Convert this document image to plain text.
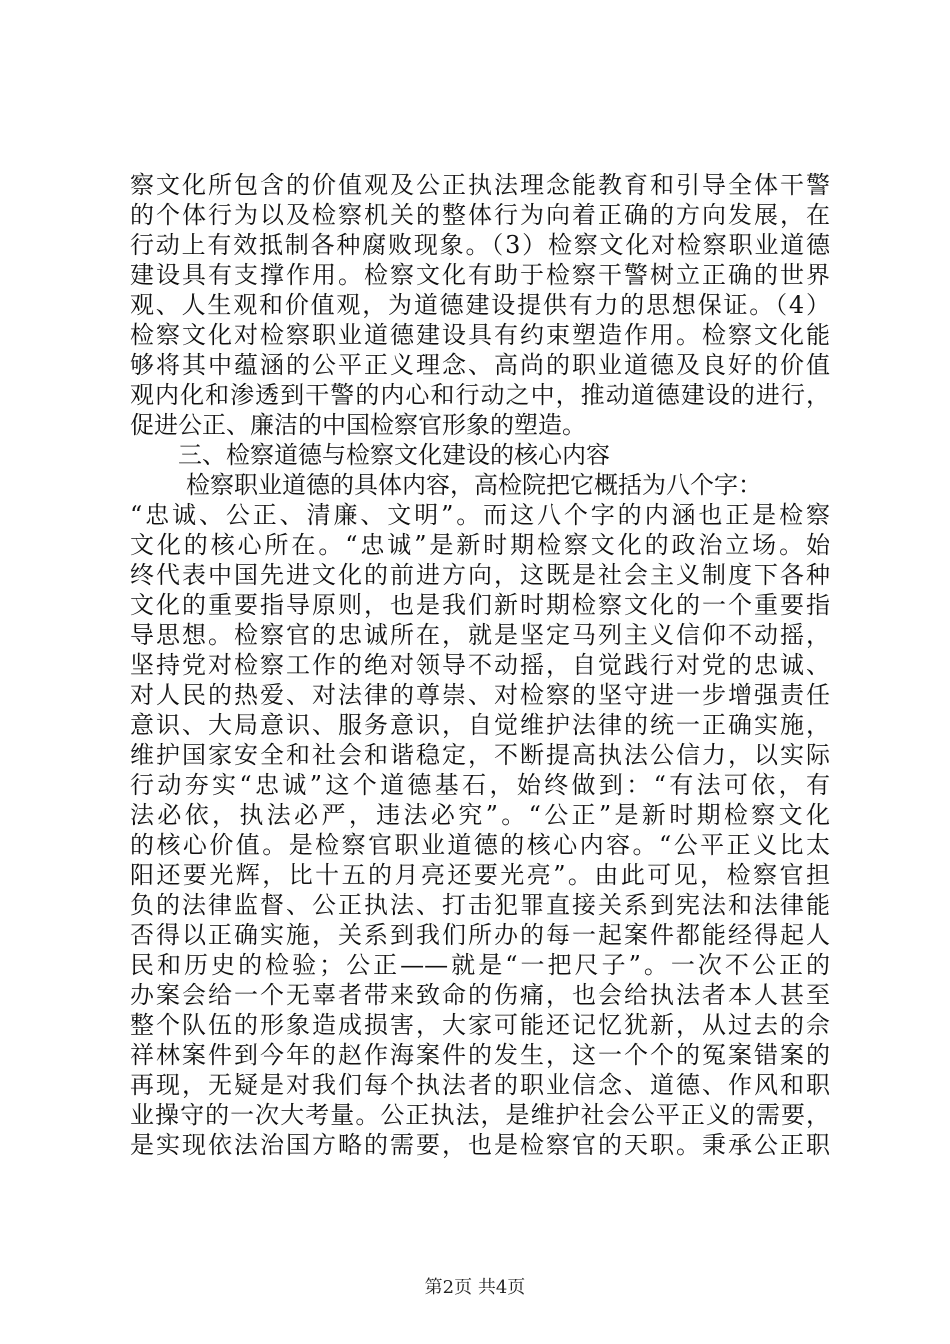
察文化所包含的价值观及公正执法理念能教育和引导全体干警
的个体行为以及检察机关的整体行为向着正确的方向发展，在
行动上有效抵制各种腐败现象。（3）检察文化对检察职业道德
建设具有支撑作用。检察文化有助于检察干警树立正确的世界
观、人生观和价值观，为道德建设提供有力的思想保证。（4）
检察文化对检察职业道德建设具有约束塑造作用。检察文化能
够将其中蕴涵的公平正义理念、高尚的职业道德及良好的价值
观内化和渗透到干警的内心和行动之中，推动道德建设的进行，
促进公正、廉洁的中国检察官形象的塑造。
三、检察道德与检察文化建设的核心内容
检察职业道德的具体内容，高检院把它概括为八个字：
“忠诚、公正、清廉、文明”。而这八个字的内涵也正是检察
文化的核心所在。“忠诚”是新时期检察文化的政治立场。始
终代表中国先进文化的前进方向，这既是社会主义制度下各种
文化的重要指导原则，也是我们新时期检察文化的一个重要指
导思想。检察官的忠诚所在，就是坚定马列主义信仰不动摇，
坚持党对检察工作的绝对领导不动摇，自觉践行对党的忠诚、
对人民的热爱、对法律的尊崇、对检察的坚守进一步增强责任
意识、大局意识、服务意识，自觉维护法律的统一正确实施，
维护国家安全和社会和谐稳定，不断提高执法公信力，以实际
行动夯实“忠诚”这个道德基石，始终做到：“有法可依，有
法必依，执法必严，违法必究”。“公正”是新时期检察文化
的核心价值。是检察官职业道德的核心内容。“公平正义比太
阳还要光辉，比十五的月亮还要光亮”。由此可见，检察官担
负的法律监督、公正执法、打击犯罪直接关系到宪法和法律能
否得以正确实施，关系到我们所办的每一起案件都能经得起人
民和历史的检验；公正——就是“一把尺子”。一次不公正的
办案会给一个无辜者带来致命的伤痛，也会给执法者本人甚至
整个队伍的形象造成损害，大家可能还记忆犹新，从过去的佘
祥林案件到今年的赵作海案件的发生，这一个个的冤案错案的
再现，无疑是对我们每个执法者的职业信念、道德、作风和职
业操守的一次大考量。公正执法，是维护社会公平正义的需要，
是实现依法治国方略的需要，也是检察官的天职。秉承公正职
第2页 共4页
